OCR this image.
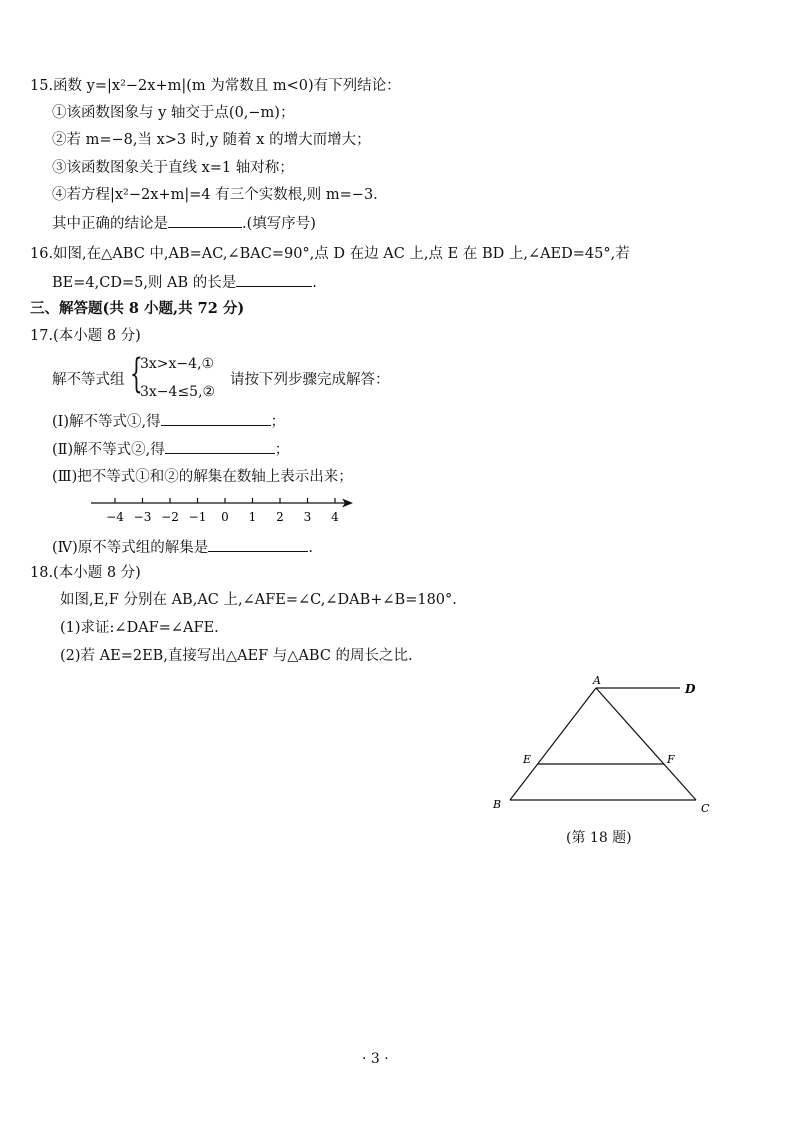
15.函数 y=|x²−2x+m|(m 为常数且 m<0)有下列结论：
①该函数图象与 y 轴交于点(0,−m)；
②若 m=−8,当 x>3 时,y 随着 x 的增大而增大；
③该函数图象关于直线 x=1 轴对称；
④若方程|x²−2x+m|=4 有三个实数根,则 m=−3.
其中正确的结论是	.(填写序号)
16.如图,在△ABC 中,AB=AC,∠BAC=90°,点 D 在边 AC 上,点 E 在 BD 上,∠AED=45°,若
BE=4,CD=5,则 AB 的长是	.
三、解答题(共 8 小题,共 72 分)
17.(本小题 8 分)
解不等式组 {
3x>x−4,①
3x−4≤5,②
请按下列步骤完成解答：
(Ⅰ)解不等式①,得	；
(Ⅱ)解不等式②,得	；
(Ⅲ)把不等式①和②的解集在数轴上表示出来；
−4 −3 −2 −1 0 1 2 3 4
(Ⅳ)原不等式组的解集是	.
18.(本小题 8 分)
如图,E,F 分别在 AB,AC 上,∠AFE=∠C,∠DAB+∠B=180°.
(1)求证:∠DAF=∠AFE.
(2)若 AE=2EB,直接写出△AEF 与△ABC 的周长之比.
A
D
E	F
B	C
(第 18 题)
· 3 ·
